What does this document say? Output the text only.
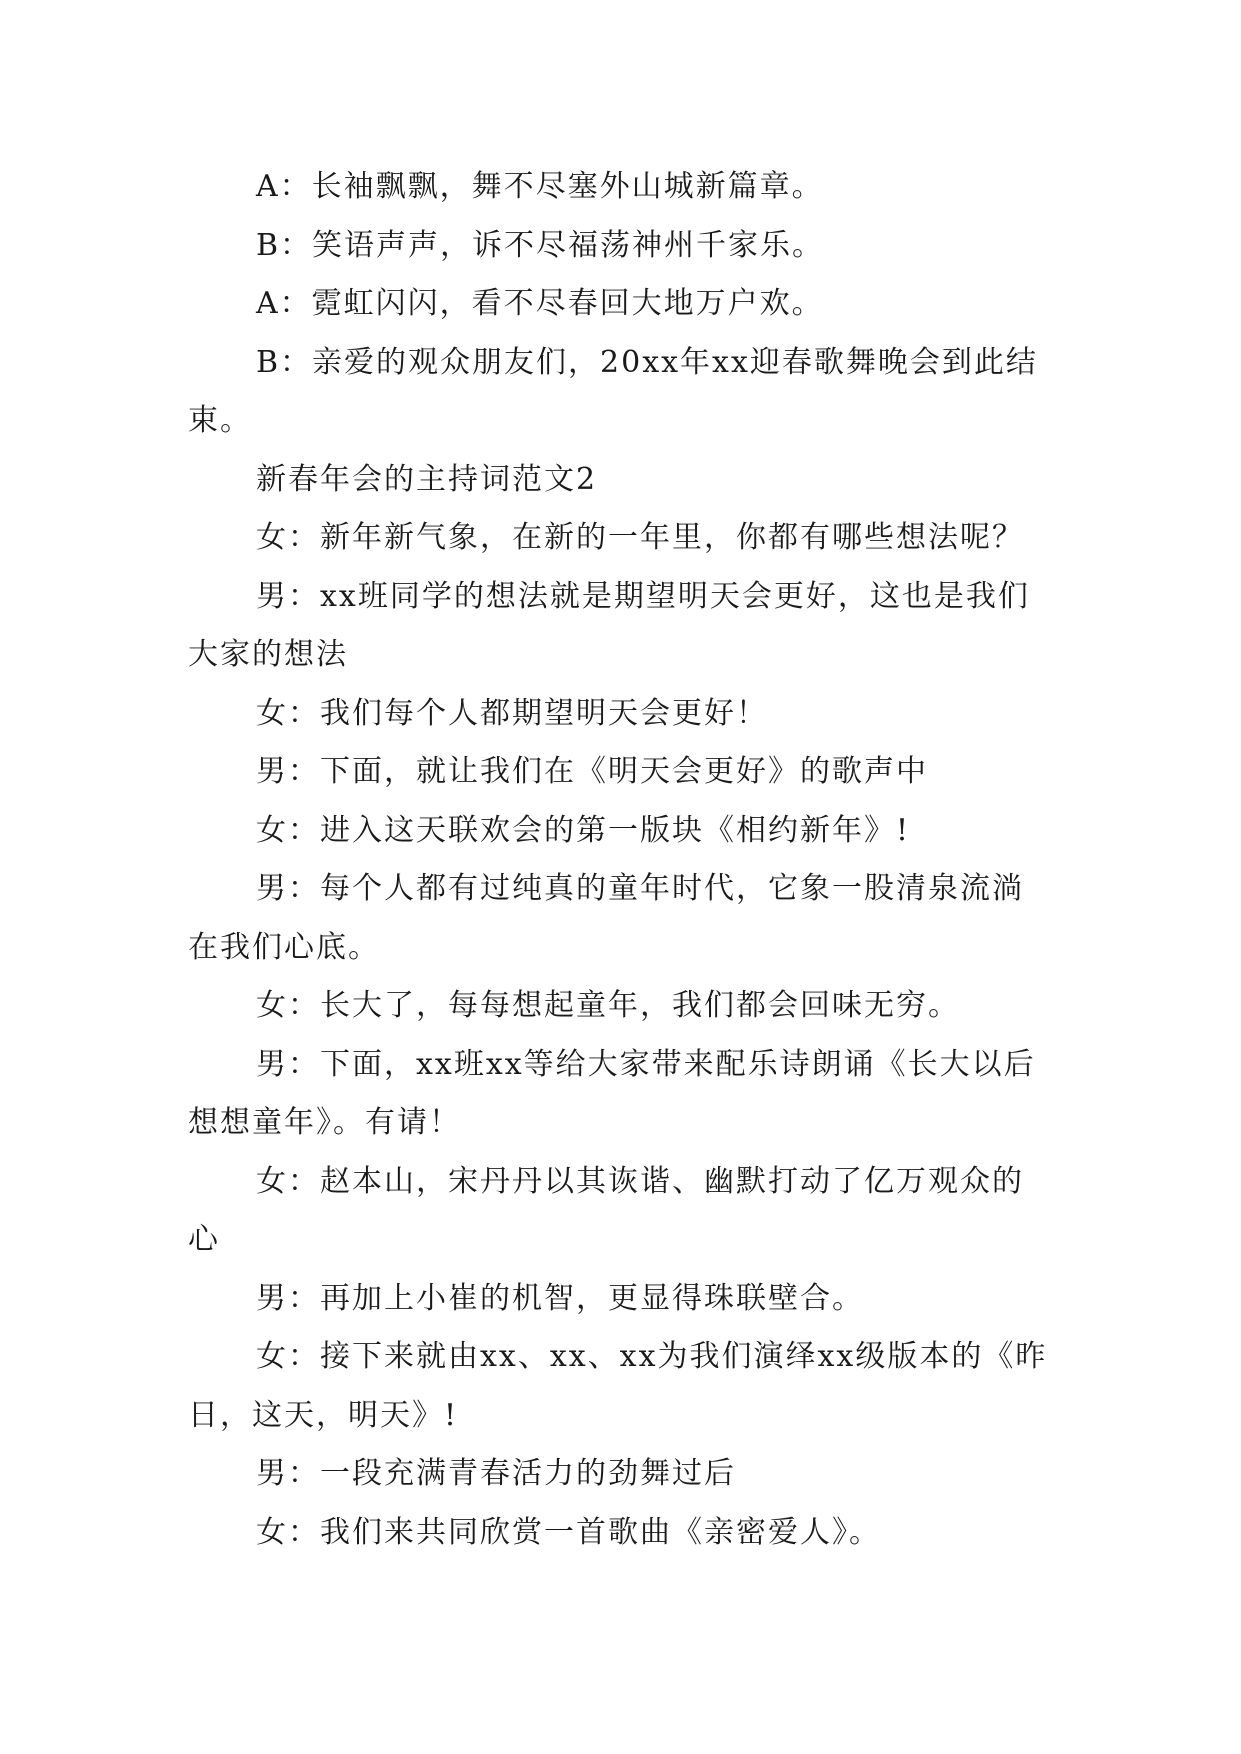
A：长袖飘飘，舞不尽塞外山城新篇章。

B：笑语声声，诉不尽福荡神州千家乐。

A：霓虹闪闪，看不尽春回大地万户欢。

B：亲爱的观众朋友们，20xx年xx迎春歌舞晚会到此结束。

新春年会的主持词范文2

女：新年新气象，在新的一年里，你都有哪些想法呢？

男：xx班同学的想法就是期望明天会更好，这也是我们大家的想法

女：我们每个人都期望明天会更好！

男：下面，就让我们在《明天会更好》的歌声中

女：进入这天联欢会的第一版块《相约新年》!

男：每个人都有过纯真的童年时代，它象一股清泉流淌在我们心底。

女：长大了，每每想起童年，我们都会回味无穷。

男：下面，xx班xx等给大家带来配乐诗朗诵《长大以后想想童年》。有请！

女：赵本山，宋丹丹以其诙谐、幽默打动了亿万观众的心

男：再加上小崔的机智，更显得珠联壁合。

女：接下来就由xx、xx、xx为我们演绎xx级版本的《昨日，这天，明天》!

男：一段充满青春活力的劲舞过后

女：我们来共同欣赏一首歌曲《亲密爱人》。
